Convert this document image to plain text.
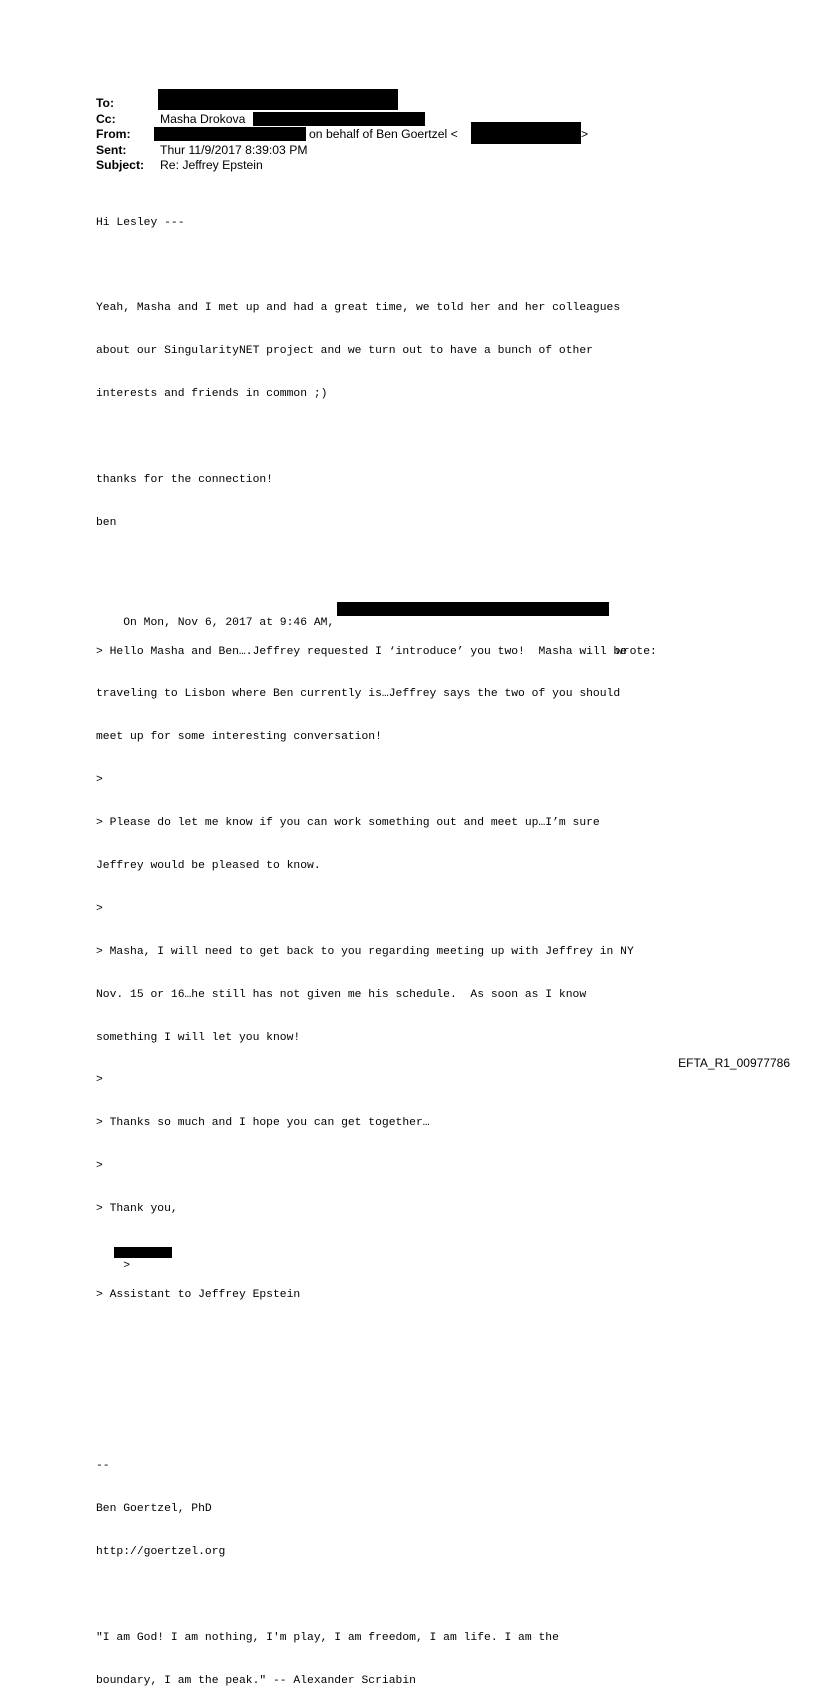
To:
Cc:	Masha Drokova
From:	on behalf of Ben Goertzel <	>
Sent:	Thur 11/9/2017 8:39:03 PM
Subject: Re: Jeffrey Epstein

Hi Lesley ---

Yeah, Masha and I met up and had a great time, we told her and her colleagues

about our SingularityNET project and we turn out to have a bunch of other

interests and friends in common ;)

thanks for the connection!

ben

On Mon, Nov 6, 2017 at 9:46 AM,

wrote:

> Hello Masha and Ben….Jeffrey requested I ‘introduce’ you two!  Masha will be

traveling to Lisbon where Ben currently is…Jeffrey says the two of you should

meet up for some interesting conversation!

>

> Please do let me know if you can work something out and meet up…I’m sure

Jeffrey would be pleased to know.

>

> Masha, I will need to get back to you regarding meeting up with Jeffrey in NY

Nov. 15 or 16…he still has not given me his schedule.  As soon as I know

something I will let you know!

>

> Thanks so much and I hope you can get together…

>

> Thank you,

>

> Assistant to Jeffrey Epstein

--

Ben Goertzel, PhD

http://goertzel.org

"I am God! I am nothing, I'm play, I am freedom, I am life. I am the

boundary, I am the peak." -- Alexander Scriabin

EFTA_R1_00977786
